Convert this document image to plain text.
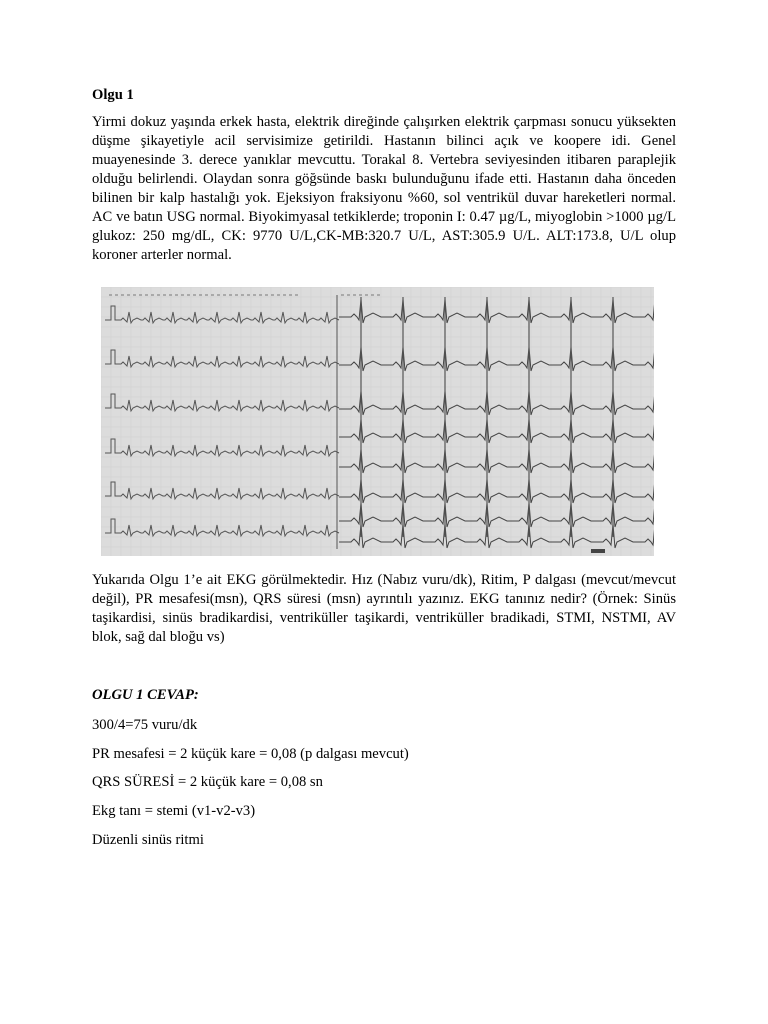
Olgu 1

Yirmi dokuz yaşında erkek hasta, elektrik direğinde çalışırken elektrik çarpması sonucu yüksekten düşme şikayetiyle acil servisimize getirildi. Hastanın bilinci açık ve koopere idi. Genel muayenesinde 3. derece yanıklar mevcuttu. Torakal 8. Vertebra seviyesinden itibaren paraplejik olduğu belirlendi. Olaydan sonra göğsünde baskı bulunduğunu ifade etti. Hastanın daha önceden bilinen bir kalp hastalığı yok. Ejeksiyon fraksiyonu %60, sol ventrikül duvar hareketleri normal. AC ve batın USG normal. Biyokimyasal tetkiklerde; troponin I: 0.47 µg/L, miyoglobin >1000 µg/L glukoz: 250 mg/dL, CK: 9770 U/L,CK-MB:320.7 U/L, AST:305.9 U/L. ALT:173.8, U/L olup koroner arterler normal.

Yukarıda Olgu 1’e ait EKG görülmektedir. Hız (Nabız vuru/dk), Ritim, P dalgası (mevcut/mevcut değil), PR mesafesi(msn), QRS süresi (msn) ayrıntılı yazınız. EKG tanınız nedir? (Örnek: Sinüs taşikardisi, sinüs bradikardisi, ventriküller taşikardi, ventriküller bradikadi, STMI, NSTMI, AV blok, sağ dal bloğu vs)

OLGU 1 CEVAP:

300/4=75 vuru/dk

PR mesafesi = 2 küçük kare = 0,08 (p dalgası mevcut)

QRS SÜRESİ = 2 küçük kare = 0,08 sn

Ekg tanı = stemi (v1-v2-v3)

Düzenli sinüs ritmi
